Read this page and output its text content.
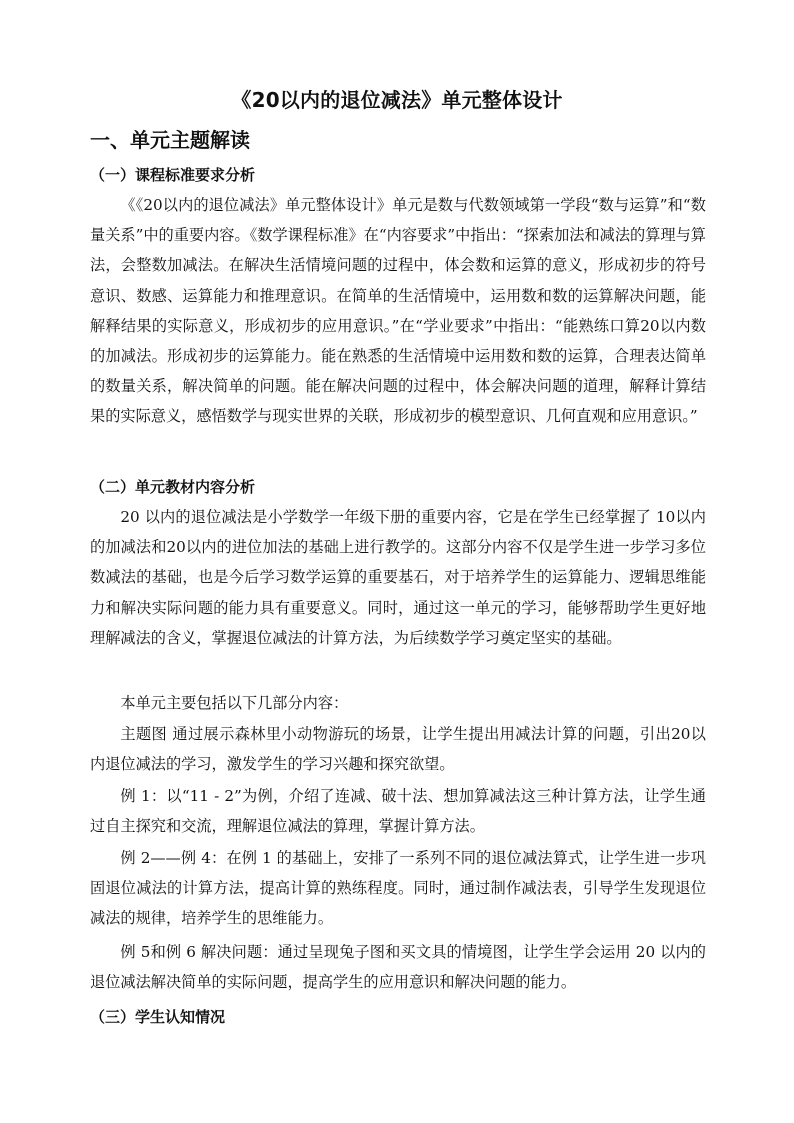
《20以内的退位减法》单元整体设计
一、单元主题解读
（一）课程标准要求分析

《《20以内的退位减法》单元整体设计》单元是数与代数领域第一学段“数与运算”和“数量关系”中的重要内容。《数学课程标准》在“内容要求”中指出：“探索加法和减法的算理与算法，会整数加减法。在解决生活情境问题的过程中，体会数和运算的意义，形成初步的符号意识、数感、运算能力和推理意识。在简单的生活情境中，运用数和数的运算解决问题，能解释结果的实际意义，形成初步的应用意识。”在“学业要求”中指出：“能熟练口算20以内数的加减法。形成初步的运算能力。能在熟悉的生活情境中运用数和数的运算，合理表达简单的数量关系，解决简单的问题。能在解决问题的过程中，体会解决问题的道理，解释计算结果的实际意义，感悟数学与现实世界的关联，形成初步的模型意识、几何直观和应用意识。”

（二）单元教材内容分析

20 以内的退位减法是小学数学一年级下册的重要内容，它是在学生已经掌握了 10以内的加减法和20以内的进位加法的基础上进行教学的。这部分内容不仅是学生进一步学习多位数减法的基础，也是今后学习数学运算的重要基石，对于培养学生的运算能力、逻辑思维能力和解决实际问题的能力具有重要意义。同时，通过这一单元的学习，能够帮助学生更好地理解减法的含义，掌握退位减法的计算方法，为后续数学学习奠定坚实的基础。

本单元主要包括以下几部分内容：

主题图 通过展示森林里小动物游玩的场景，让学生提出用减法计算的问题，引出20以内退位减法的学习，激发学生的学习兴趣和探究欲望。

例 1：以“11 - 2”为例，介绍了连减、破十法、想加算减法这三种计算方法，让学生通过自主探究和交流，理解退位减法的算理，掌握计算方法。

例 2——例 4：在例 1 的基础上，安排了一系列不同的退位减法算式，让学生进一步巩固退位减法的计算方法，提高计算的熟练程度。同时，通过制作减法表，引导学生发现退位减法的规律，培养学生的思维能力。

例 5和例 6 解决问题：通过呈现兔子图和买文具的情境图，让学生学会运用 20 以内的退位减法解决简单的实际问题，提高学生的应用意识和解决问题的能力。

（三）学生认知情况
